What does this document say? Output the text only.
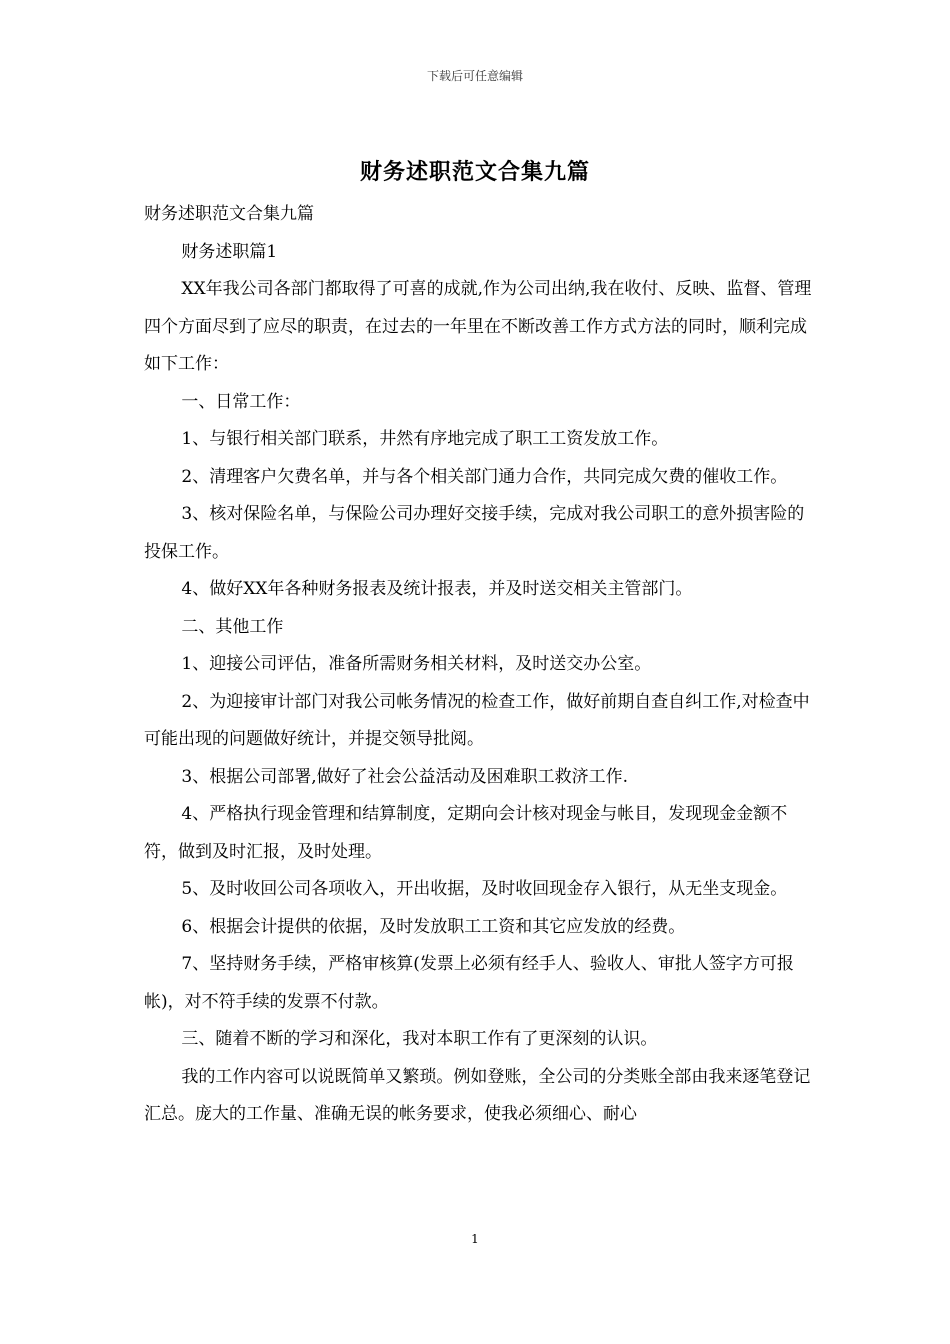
下载后可任意编辑
财务述职范文合集九篇

财务述职范文合集九篇

财务述职篇1

XX年我公司各部门都取得了可喜的成就,作为公司出纳,我在收付、反映、监督、管理四个方面尽到了应尽的职责，在过去的一年里在不断改善工作方式方法的同时，顺利完成如下工作：

一、日常工作：

1、与银行相关部门联系，井然有序地完成了职工工资发放工作。

2、清理客户欠费名单，并与各个相关部门通力合作，共同完成欠费的催收工作。

3、核对保险名单，与保险公司办理好交接手续，完成对我公司职工的意外损害险的投保工作。

4、做好XX年各种财务报表及统计报表，并及时送交相关主管部门。

二、其他工作

1、迎接公司评估，准备所需财务相关材料，及时送交办公室。

2、为迎接审计部门对我公司帐务情况的检查工作，做好前期自查自纠工作,对检查中可能出现的问题做好统计，并提交领导批阅。

3、根据公司部署,做好了社会公益活动及困难职工救济工作.

4、严格执行现金管理和结算制度，定期向会计核对现金与帐目，发现现金金额不符，做到及时汇报，及时处理。

5、及时收回公司各项收入，开出收据，及时收回现金存入银行，从无坐支现金。

6、根据会计提供的依据，及时发放职工工资和其它应发放的经费。

7、坚持财务手续，严格审核算(发票上必须有经手人、验收人、审批人签字方可报帐)，对不符手续的发票不付款。

三、随着不断的学习和深化，我对本职工作有了更深刻的认识。

我的工作内容可以说既简单又繁琐。例如登账，全公司的分类账全部由我来逐笔登记汇总。庞大的工作量、准确无误的帐务要求，使我必须细心、耐心

1
